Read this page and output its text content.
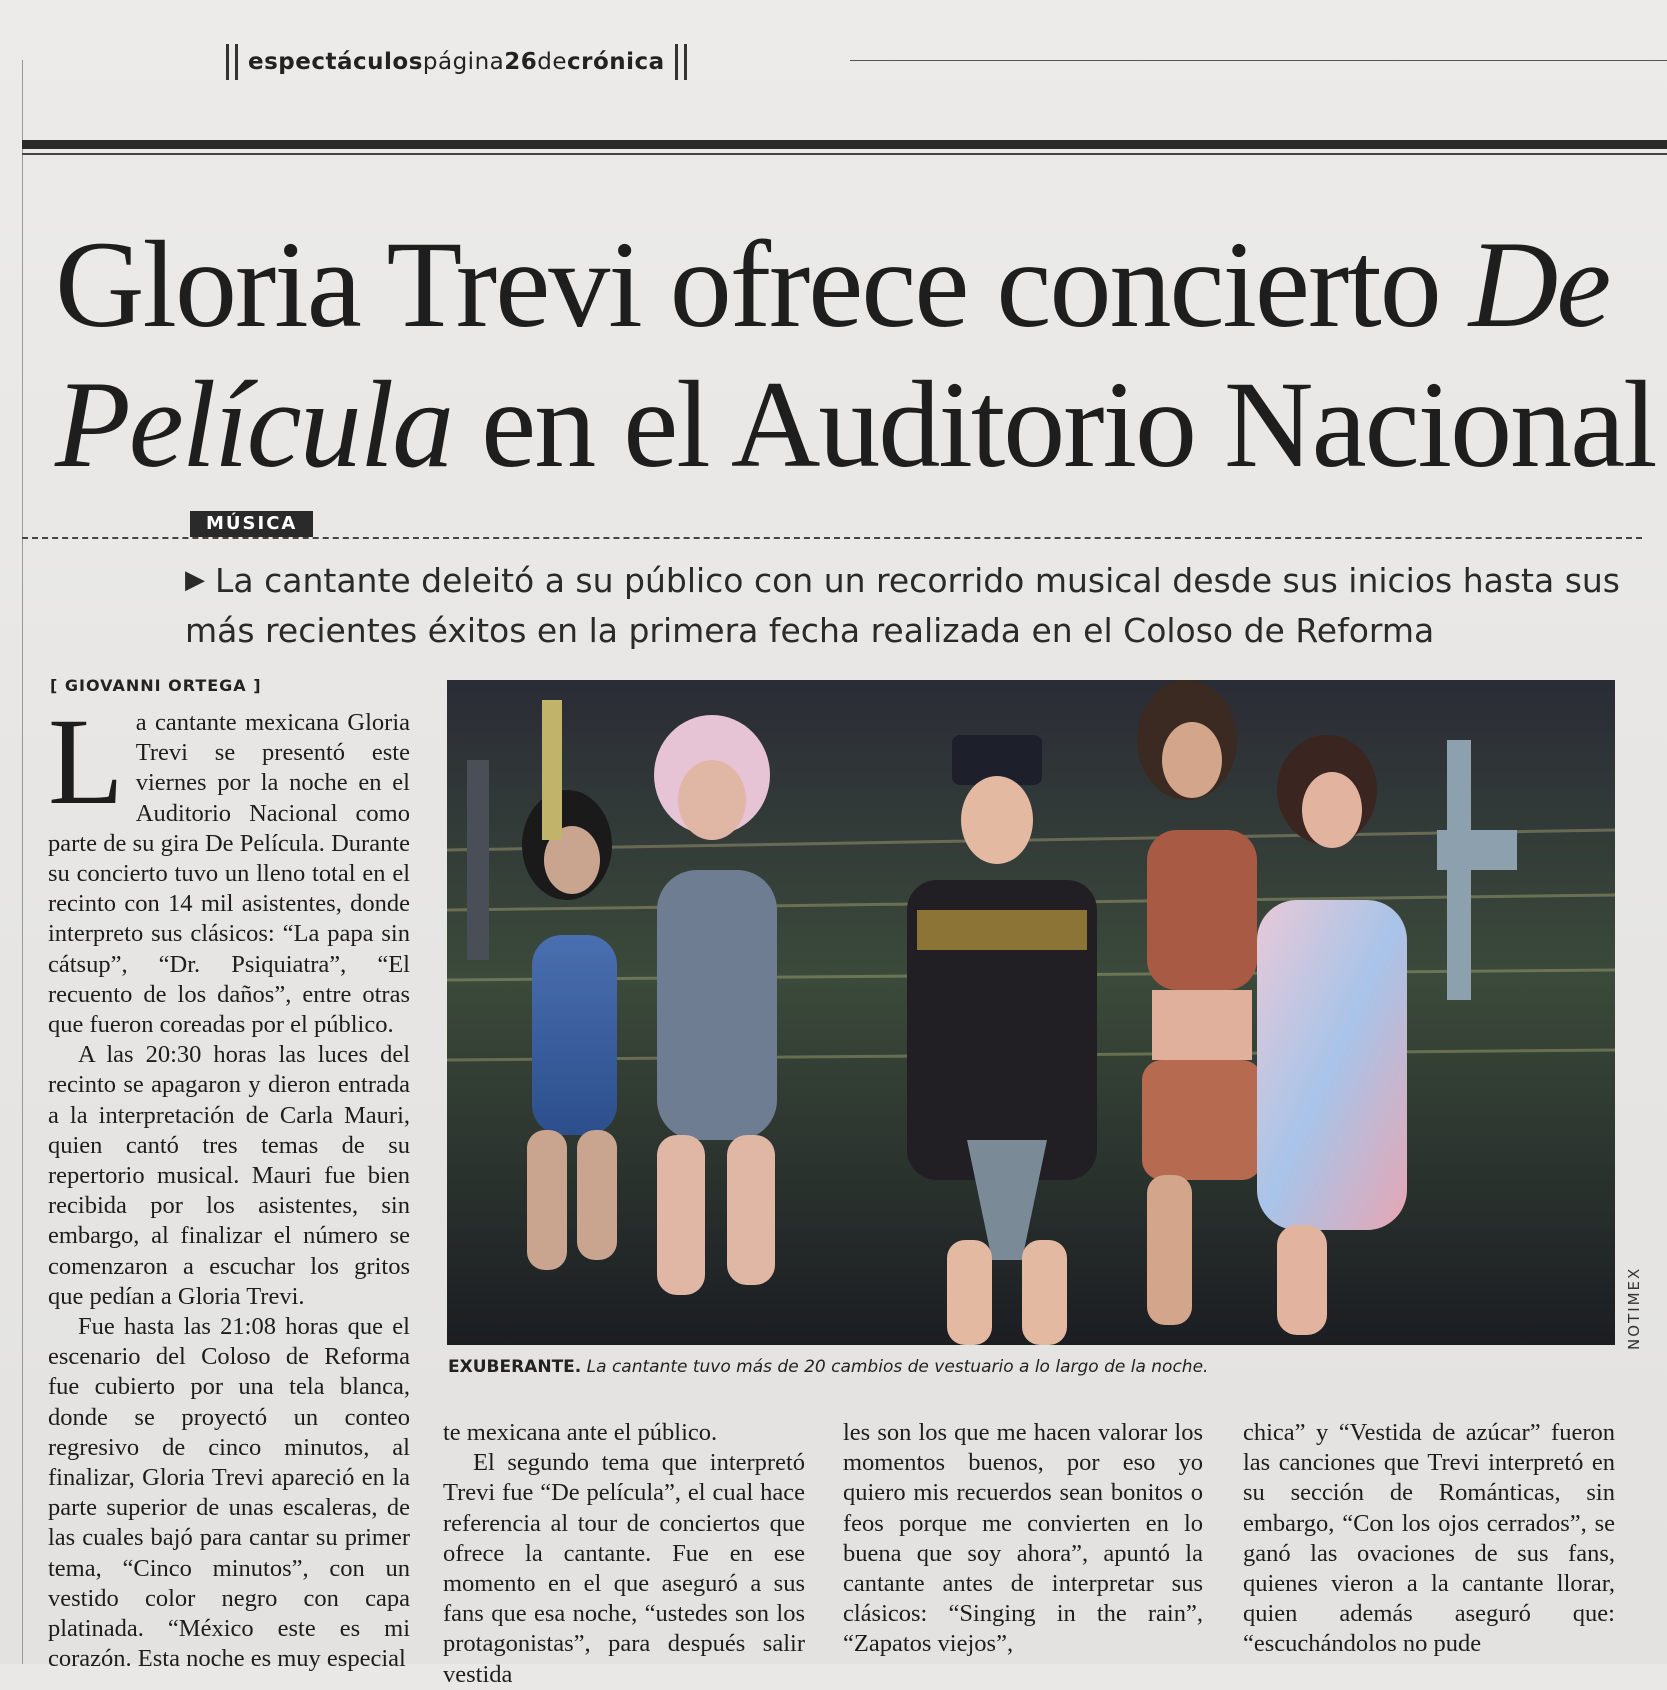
espectáculospágina26decrónica
Gloria Trevi ofrece concierto De
Película en el Auditorio Nacional
MÚSICA
▶ La cantante deleitó a su público con un recorrido musical desde sus inicios hasta sus más recientes éxitos en la primera fecha realizada en el Coloso de Reforma
[ GIOVANNI ORTEGA ]

La cantante mexicana Gloria Trevi se presentó este viernes por la noche en el Auditorio Nacional como parte de su gira De Película. Durante su concierto tuvo un lleno total en el recinto con 14 mil asistentes, donde interpreto sus clásicos: “La papa sin cátsup”, “Dr. Psiquiatra”, “El recuento de los daños”, entre otras que fueron coreadas por el público.

A las 20:30 horas las luces del recinto se apagaron y dieron entrada a la interpretación de Carla Mauri, quien cantó tres temas de su repertorio musical. Mauri fue bien recibida por los asistentes, sin embargo, al finalizar el número se comenzaron a escuchar los gritos que pedían a Gloria Trevi.

Fue hasta las 21:08 horas que el escenario del Coloso de Reforma fue cubierto por una tela blanca, donde se proyectó un conteo regresivo de cinco minutos, al finalizar, Gloria Trevi apareció en la parte superior de unas escaleras, de las cuales bajó para cantar su primer tema, “Cinco minutos”, con un vestido color negro con capa platinada. “México este es mi corazón. Esta noche es muy especial

NOTIMEX
EXUBERANTE. La cantante tuvo más de 20 cambios de vestuario a lo largo de la noche.

te mexicana ante el público.

El segundo tema que interpretó Trevi fue “De película”, el cual hace referencia al tour de conciertos que ofrece la cantante. Fue en ese momento en el que aseguró a sus fans que esa noche, “ustedes son los protagonistas”, para después salir vestida

les son los que me hacen valorar los momentos buenos, por eso yo quiero mis recuerdos sean bonitos o feos porque me convierten en lo buena que soy ahora”, apuntó la cantante antes de interpretar sus clásicos: “Singing in the rain”, “Zapatos viejos”,

chica” y “Vestida de azúcar” fueron las canciones que Trevi interpretó en su sección de Románticas, sin embargo, “Con los ojos cerrados”, se ganó las ovaciones de sus fans, quienes vieron a la cantante llorar, quien además aseguró que: “escuchándolos no pude
